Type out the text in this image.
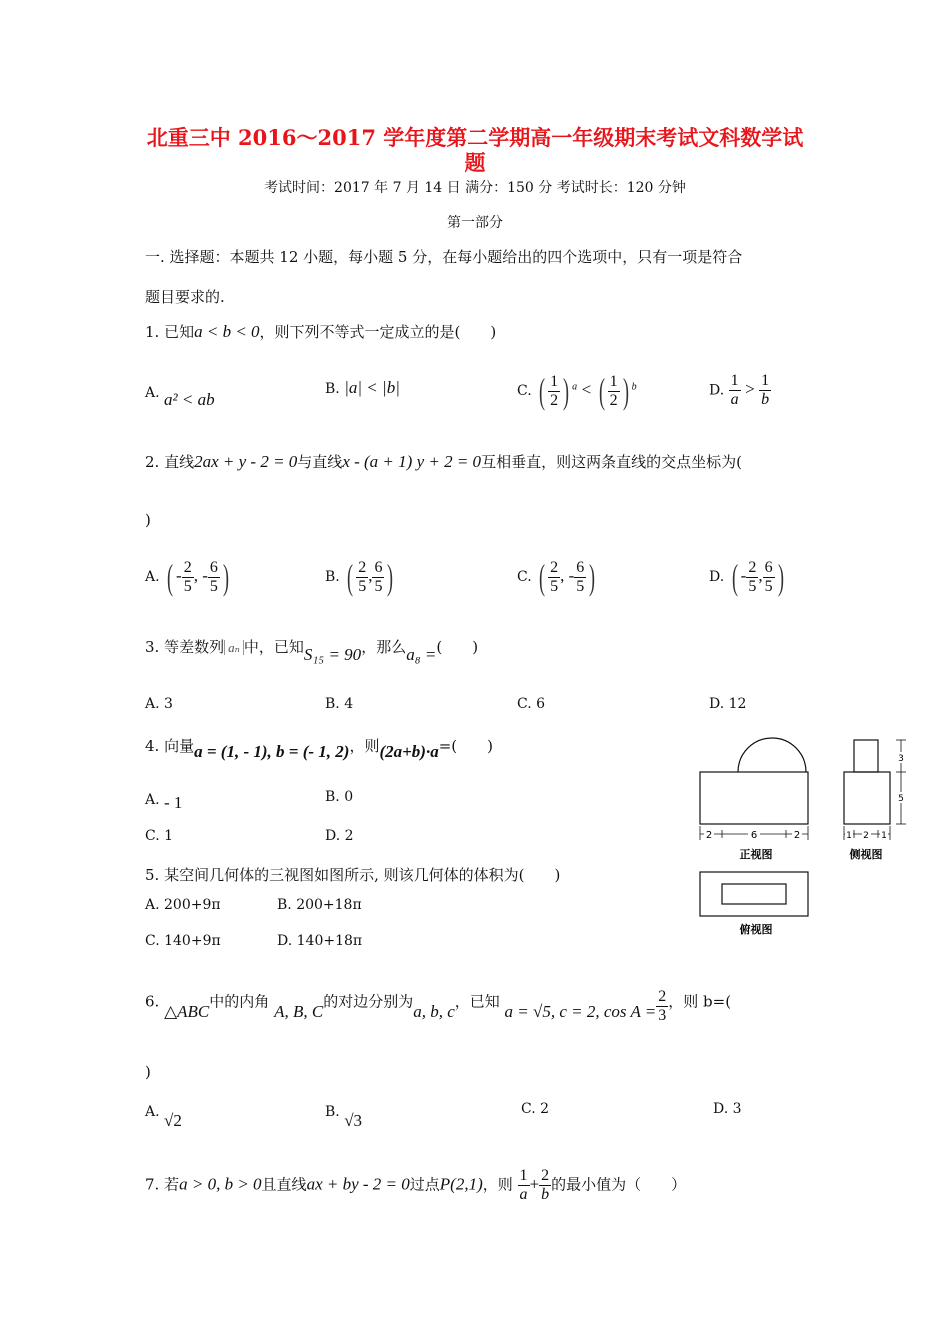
北重三中 2016～2017 学年度第二学期高一年级期末考试文科数学试
题
考试时间：2017 年 7 月 14 日 满分：150 分 考试时长：120 分钟
第一部分
一. 选择题：本题共 12 小题，每小题 5 分，在每小题给出的四个选项中，只有一项是符合
题目要求的.
1. 已知a < b < 0，则下列不等式一定成立的是(　　)
A. a² < ab
B. |a| < |b|	C. ( $\frac{1}{2}$ ) $^a$ < ( $\frac{1}{2}$ ) $^b$	D. $\frac{1}{a} > \frac{1}{b}$
2. 直线2ax + y - 2 = 0与直线x - (a + 1) y + 2 = 0互相垂直，则这两条直线的交点坐标为(
)
A. ( - $\frac{2}{5}$ , - $\frac{6}{5}$ )	B. ( $\frac{2}{5}$ , $\frac{6}{5}$ )	C. ( $\frac{2}{5}$ , - $\frac{6}{5}$ )	D. ( - $\frac{2}{5}$ , $\frac{6}{5}$ )
3. 等差数列 aₙ 中，已知S₁₅ = 90，那么a₈ =(　　)
A. 3	B. 4	C. 6	D. 12
4. 向量a = (1, - 1), b = (- 1, 2)，则(2a+b)·a=(　　)
A. - 1	B. 0
C. 1	D. 2
5. 某空间几何体的三视图如图所示, 则该几何体的体积为(　　)
A. 200+9π	B. 200+18π
C. 140+9π	D. 140+18π
2	6	2
正视图
1 2 1
3
5
侧视图
俯视图
6. △ABC中的内角 A, B, C的对边分别为a, b, c，已知 a = √5, c = 2, $\cos A = \frac{2}{3}$ ，则 b=(
)
A. √2	B. √3
C. 2	D. 3
7. 若a > 0, b > 0且直线ax + by - 2 = 0过点P(2,1)，则 $\frac{1}{a} + \frac{2}{b}$ 的最小值为（　　）
